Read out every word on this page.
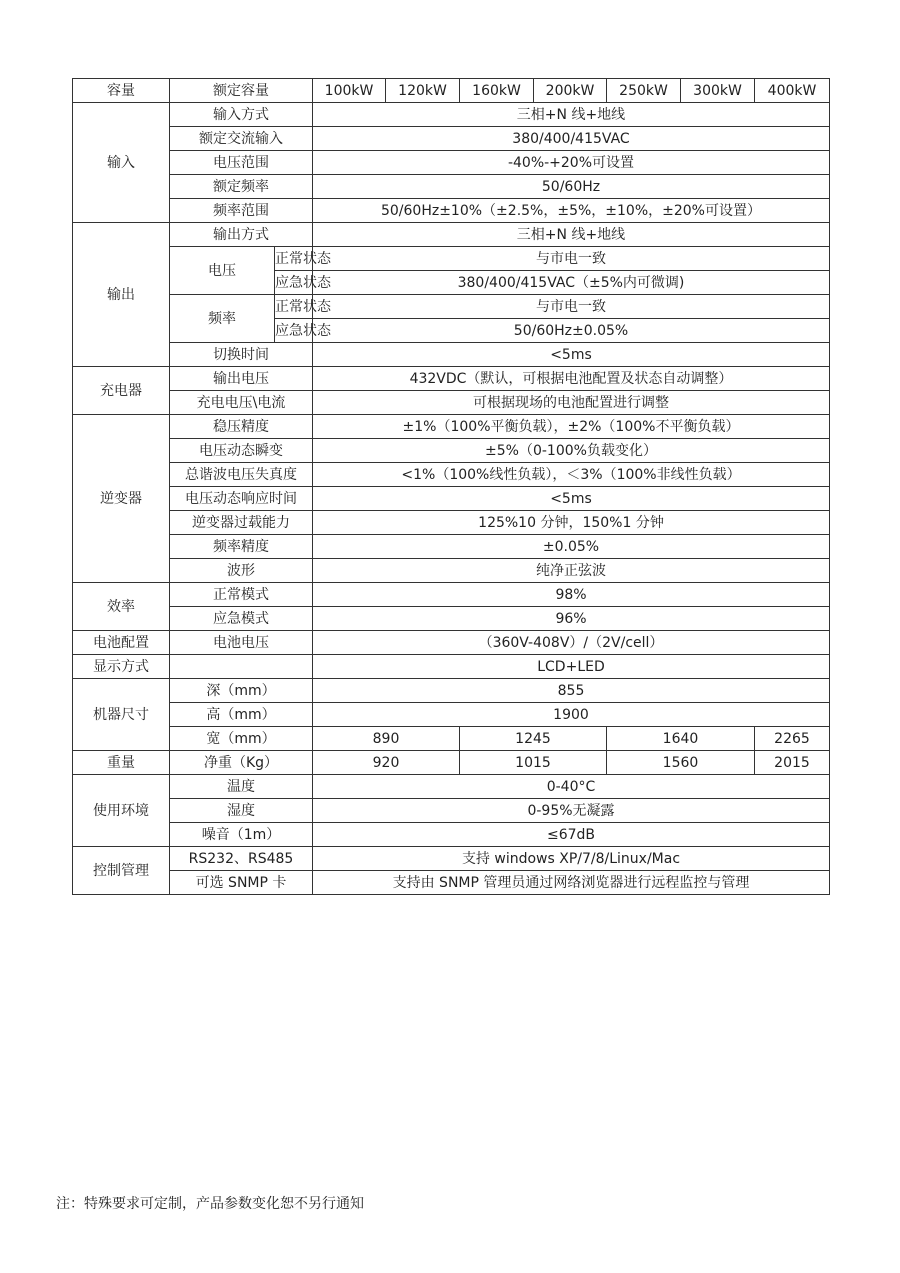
容量	额定容量		100kW	120kW	160kW	200kW	250kW	300kW	400kW
输入	输入方式		三相+N 线+地线						
	额定交流输入		380/400/415VAC						
	电压范围		-40%-+20%可设置						
	额定频率		50/60Hz						
	频率范围		50/60Hz±10%（±2.5%，±5%，±10%，±20%可设置）						
输出	输出方式		三相+N 线+地线						
	电压	正常状态	与市电一致						

		应急状态	380/400/415VAC（±5%内可微调)						
	频率	正常状态	与市电一致						

		应急状态	50/60Hz±0.05%						
	切换时间		<5ms						
充电器	输出电压		432VDC（默认，可根据电池配置及状态自动调整）						
	充电电压\电流		可根据现场的电池配置进行调整						
逆变器	稳压精度		±1%（100%平衡负载），±2%（100%不平衡负载）						
	电压动态瞬变		±5%（0-100%负载变化）						
	总谐波电压失真度		<1%（100%线性负载），＜3%（100%非线性负载）						
	电压动态响应时间		<5ms						
	逆变器过载能力		125%10 分钟，150%1 分钟						
	频率精度		±0.05%						
	波形		纯净正弦波						
效率	正常模式		98%						
	应急模式		96%						
电池配置	电池电压		（360V-408V）/（2V/cell）						
显示方式			LCD+LED						
机器尺寸	深（mm）		855						
	高（mm）		1900						
	宽（mm）		890		1245		1640		2265
重量	净重（Kg）		920		1015		1560		2015
使用环境	温度		0-40°C						
	湿度		0-95%无凝露						
	噪音（1m）		≤67dB						
控制管理	RS232、RS485		支持 windows XP/7/8/Linux/Mac						
	可选 SNMP 卡		支持由 SNMP 管理员通过网络浏览器进行远程监控与管理						
注：特殊要求可定制，产品参数变化恕不另行通知
